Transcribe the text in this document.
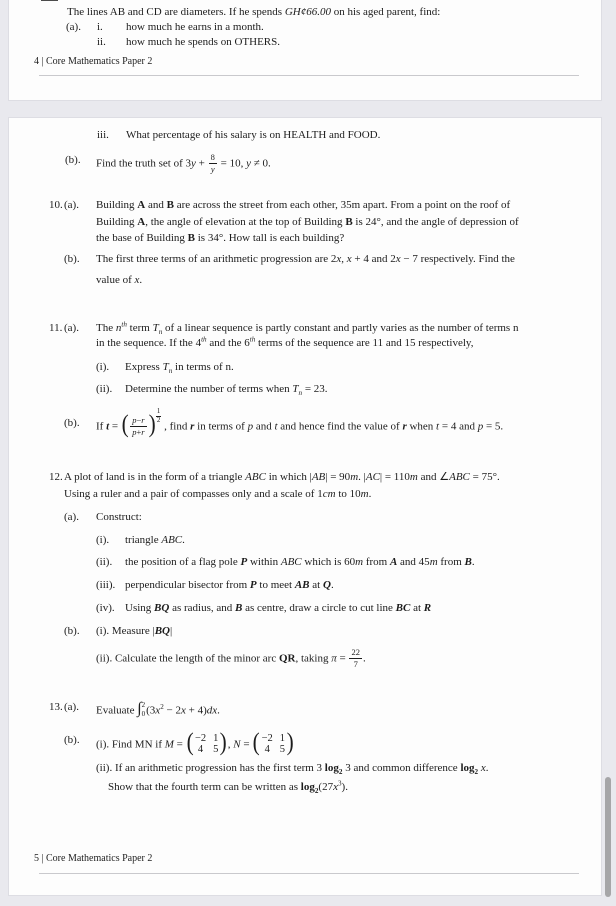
The lines AB and CD are diameters. If he spends GH¢66.00 on his aged parent, find:
(a). i. how much he earns in a month.
ii. how much he spends on OTHERS.
4 | Core Mathematics Paper 2
iii. What percentage of his salary is on HEALTH and FOOD.
(b). Find the truth set of $3y + \frac{8}{y} = 10$, y ≠ 0.
10. (a). Building A and B are across the street from each other, 35m apart. From a point on the roof of
Building A, the angle of elevation at the top of Building B is 24°, and the angle of depression of
the base of Building B is 34°. How tall is each building?
(b). The first three terms of an arithmetic progression are 2x, x + 4 and 2x − 7 respectively. Find the
value of x.
11. (a). The $n^{th}$ term $T_n$ of a linear sequence is partly constant and partly varies as the number of terms n
in the sequence. If the 4th and the 6th terms of the sequence are 11 and 15 respectively,
(i). Express $T_n$ in terms of n.
(ii). Determine the number of terms when $T_n = 23$.
(b). If t = ( $\frac{p-r}{p+r}$ ) $\frac{1}{2}$
, find r in terms of p and t and hence find the value of r when t = 4 and p = 5.
12. A plot of land is in the form of a triangle ABC in which |AB| = 90m. |AC| = 110m and ∠ABC = 75°.
Using a ruler and a pair of compasses only and a scale of 1cm to 10m.
(a). Construct:
(i). triangle ABC.
(ii). the position of a flag pole P within ABC which is 60m from A and 45m from B.
(iii). perpendicular bisector from P to meet AB at Q.
(iv). Using BQ as radius, and B as centre, draw a circle to cut line BC at R
(b). (i). Measure |BQ|
(ii). Calculate the length of the minor arc QR, taking $\pi = \frac{22}{7}$ .
13. (a). Evaluate ∫ 2
0 $(3x^2 - 2x + 4)dx$.
(b). (i). Find MN if M = ( −2 1
4 5 ), N = ( −2 1
4 5 )
(ii). If an arithmetic progression has the first term 3 $\log_2 3$ and common difference $\log_2 x$.
Show that the fourth term can be written as $\log_2(27x^3)$.
5 | Core Mathematics Paper 2
